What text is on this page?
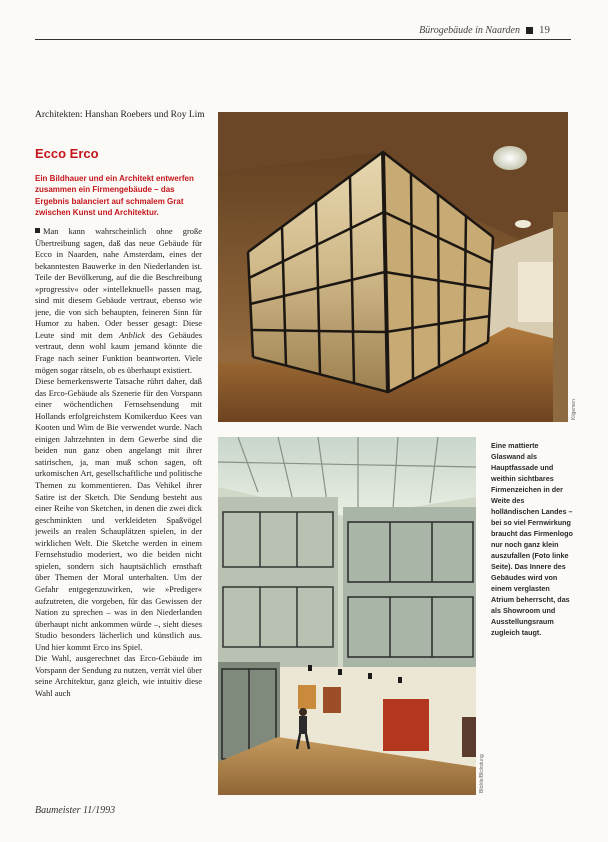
Bürogebäude in Naarden 19
Architekten: Hanshan Roebers und Roy Lim
Ecco Erco
Ein Bildhauer und ein Architekt entwerfen zusammen ein Firmengebäude – das Ergebnis balanciert auf schmalem Grat zwischen Kunst und Architektur.

Man kann wahrscheinlich ohne große Übertreibung sagen, daß das neue Gebäude für Ecco in Naarden, nahe Amsterdam, eines der bekanntesten Bauwerke in den Niederlanden ist. Teile der Bevölkerung, auf die die Beschreibung »progressiv« oder »intelleknuell« passen mag, sind mit diesem Gebäude vertraut, ebenso wie jene, die von sich behaupten, feineren Sinn für Humor zu haben. Oder besser gesagt: Diese Leute sind mit dem Anblick des Gebäudes vertraut, denn wohl kaum jemand könnte die Frage nach seiner Funktion beantworten. Viele mögen sogar rätseln, ob es überhaupt existiert.

Diese bemerkenswerte Tatsache rührt daher, daß das Erco-Gebäude als Szenerie für den Vorspann einer wöchentlichen Fernsehsendung mit Hollands erfolgreichstem Komikerduo Kees van Kooten und Wim de Bie verwendet wurde. Nach einigen Jahrzehnten in dem Gewerbe sind die beiden nun ganz oben angelangt mit ihrer satirischen, ja, man muß schon sagen, oft urkomischen Art, gesellschaftliche und politische Themen zu kommentieren. Das Vehikel ihrer Satire ist der Sketch. Die Sendung besteht aus einer Reihe von Sketchen, in denen die zwei dick geschminkten und verkleideten Spaßvögel jeweils an realen Schauplätzen spielen, in der wirklichen Welt. Die Sketche werden in einem Fernsehstudio moderiert, wo die beiden nicht spielen, sondern sich hauptsächlich ernsthaft über Themen der Moral unterhalten. Um der Gefahr entgegenzuwirken, wie »Prediger« aufzutreten, die vorgeben, für das Gewissen der Nation zu sprechen – was in den Niederlanden überhaupt nicht ankommen würde –, sieht dieses Studio besonders lächerlich und künstlich aus. Und hier kommt Erco ins Spiel.

Die Wahl, ausgerechnet das Erco-Gebäude im Vorspann der Sendung zu nutzen, verrät viel über seine Architektur, ganz gleich, wie intuitiv diese Wahl auch

Baumeister 11/1993
Kilgemen
Blickle/Blickstung
Eine mattierte Glaswand als Hauptfassade und weithin sichtbares Firmenzeichen in der Weite des holländischen Landes – bei so viel Fernwirkung braucht das Firmenlogo nur noch ganz klein auszufallen (Foto linke Seite). Das Innere des Gebäudes wird von einem verglasten Atrium beherrscht, das als Showroom und Ausstellungsraum zugleich taugt.
